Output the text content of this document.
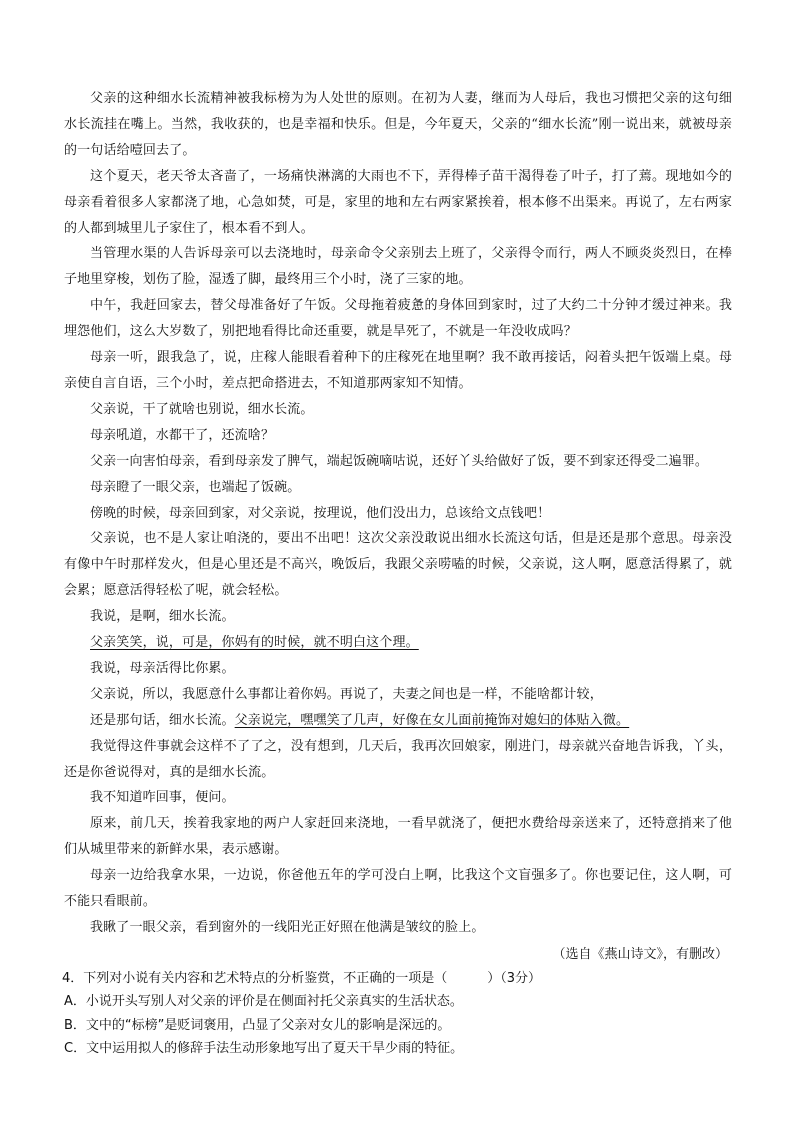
父亲的这种细水长流精神被我标榜为为人处世的原则。在初为人妻，继而为人母后，我也习惯把父亲的这句细水长流挂在嘴上。当然，我收获的，也是幸福和快乐。但是，今年夏天，父亲的“细水长流”刚一说出来，就被母亲的一句话给噎回去了。

这个夏天，老天爷太吝啬了，一场痛快淋漓的大雨也不下，弄得棒子苗干渴得卷了叶子，打了蔫。现地如今的母亲看着很多人家都浇了地，心急如焚，可是，家里的地和左右两家紧挨着，根本修不出渠来。再说了，左右两家的人都到城里儿子家住了，根本看不到人。

当管理水渠的人告诉母亲可以去浇地时，母亲命令父亲别去上班了，父亲得令而行，两人不顾炎炎烈日，在棒子地里穿梭，划伤了脸，湿透了脚，最终用三个小时，浇了三家的地。

中午，我赶回家去，替父母准备好了午饭。父母拖着疲惫的身体回到家时，过了大约二十分钟才缓过神来。我埋怨他们，这么大岁数了，别把地看得比命还重要，就是旱死了，不就是一年没收成吗？

母亲一听，跟我急了，说，庄稼人能眼看着种下的庄稼死在地里啊？我不敢再接话，闷着头把午饭端上桌。母亲使自言自语，三个小时，差点把命搭进去，不知道那两家知不知情。

父亲说，干了就啥也别说，细水长流。

母亲吼道，水都干了，还流啥？

父亲一向害怕母亲，看到母亲发了脾气，端起饭碗嘀咕说，还好丫头给做好了饭，要不到家还得受二遍罪。

母亲瞪了一眼父亲，也端起了饭碗。

傍晚的时候，母亲回到家，对父亲说，按理说，他们没出力，总该给文点钱吧！

父亲说，也不是人家让咱浇的，要出不出吧！这次父亲没敢说出细水长流这句话，但是还是那个意思。母亲没有像中午时那样发火，但是心里还是不高兴，晚饭后，我跟父亲唠嗑的时候，父亲说，这人啊，愿意活得累了，就会累；愿意活得轻松了呢，就会轻松。

我说，是啊，细水长流。

父亲笑笑，说，可是，你妈有的时候，就不明白这个理。

我说，母亲活得比你累。

父亲说，所以，我愿意什么事都让着你妈。再说了，夫妻之间也是一样，不能啥都计较，

还是那句话，细水长流。父亲说完，嘿嘿笑了几声，好像在女儿面前掩饰对媳妇的体贴入微。

我觉得这件事就会这样不了了之，没有想到，几天后，我再次回娘家，刚进门，母亲就兴奋地告诉我，丫头，还是你爸说得对，真的是细水长流。

我不知道咋回事，便问。

原来，前几天，挨着我家地的两户人家赶回来浇地，一看早就浇了，便把水费给母亲送来了，还特意捎来了他们从城里带来的新鲜水果，表示感谢。

母亲一边给我拿水果，一边说，你爸他五年的学可没白上啊，比我这个文盲强多了。你也要记住，这人啊，可不能只看眼前。

我瞅了一眼父亲，看到窗外的一线阳光正好照在他满是皱纹的脸上。

（选自《燕山诗文》，有删改）
4．下列对小说有关内容和艺术特点的分析鉴赏，不正确的一项是（	）（3分）
A．小说开头写别人对父亲的评价是在侧面衬托父亲真实的生活状态。
B．文中的“标榜”是贬词褒用，凸显了父亲对女儿的影响是深远的。
C．文中运用拟人的修辞手法生动形象地写出了夏天干旱少雨的特征。
